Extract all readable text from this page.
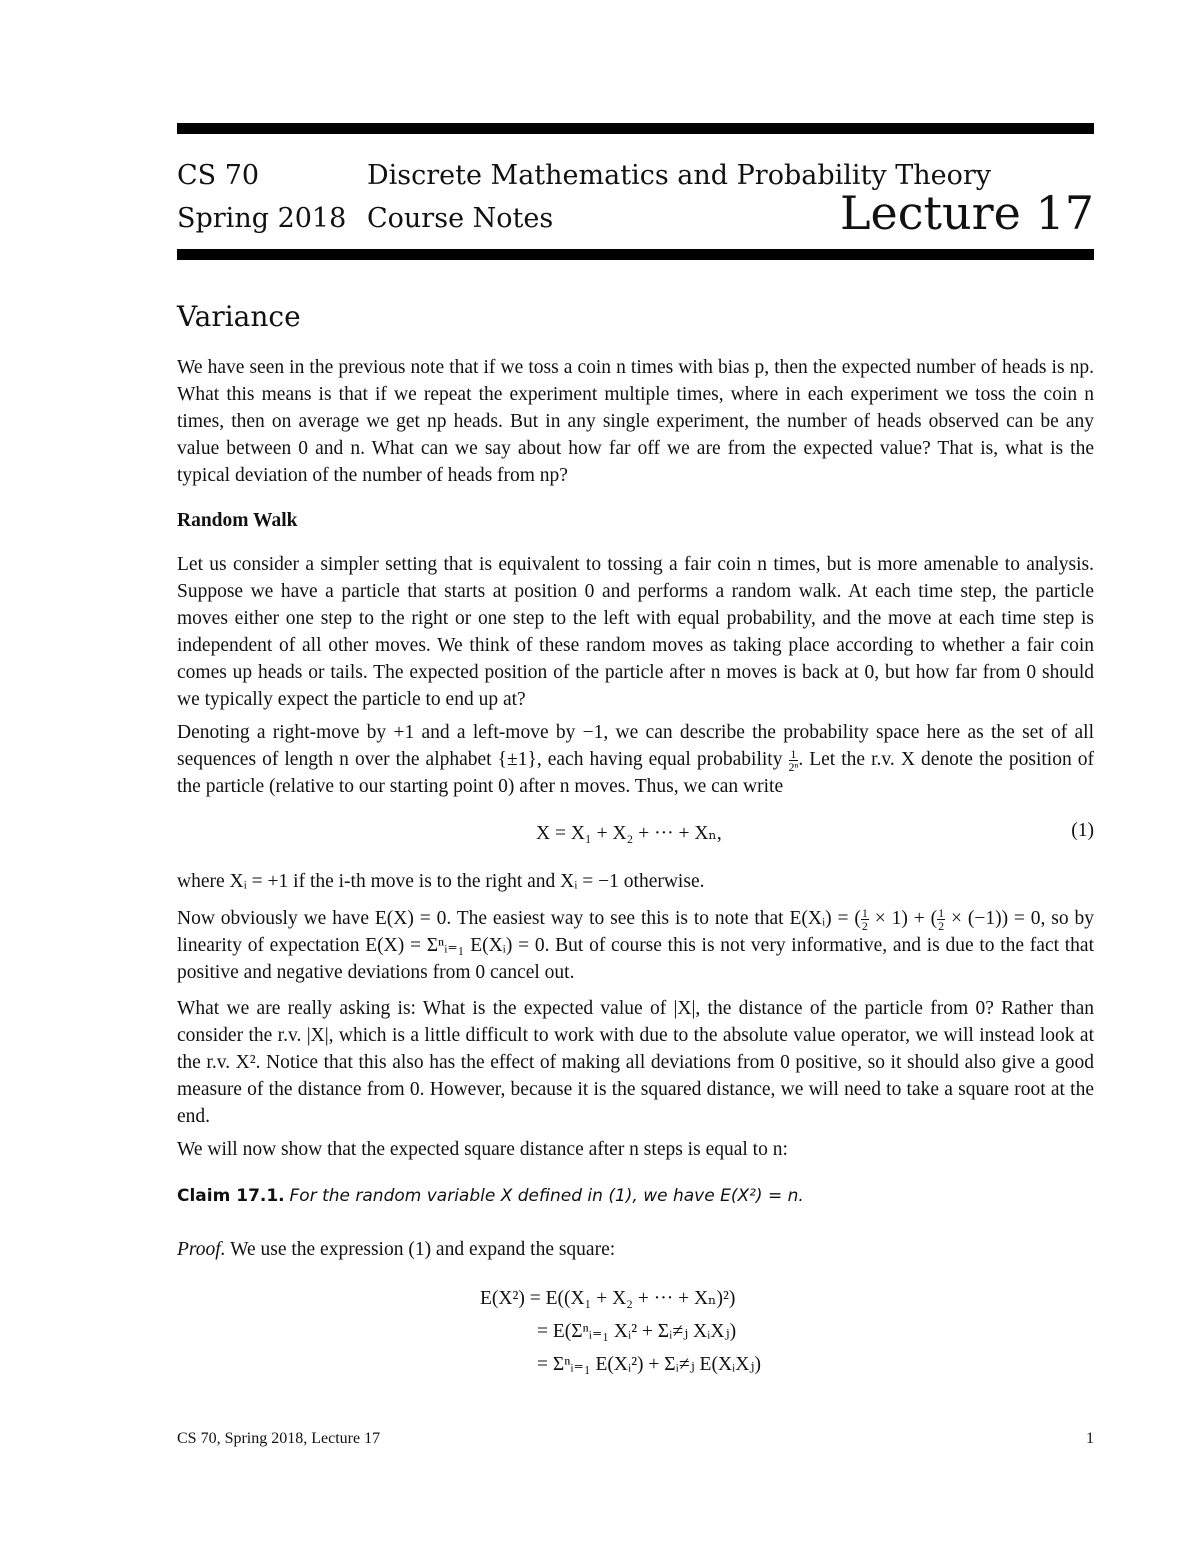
CS 70	Discrete Mathematics and Probability Theory
Spring 2018 Course Notes	Lecture 17
Variance
We have seen in the previous note that if we toss a coin n times with bias p, then the expected number of heads is np. What this means is that if we repeat the experiment multiple times, where in each experiment we toss the coin n times, then on average we get np heads. But in any single experiment, the number of heads observed can be any value between 0 and n. What can we say about how far off we are from the expected value? That is, what is the typical deviation of the number of heads from np?
Random Walk
Let us consider a simpler setting that is equivalent to tossing a fair coin n times, but is more amenable to analysis. Suppose we have a particle that starts at position 0 and performs a random walk. At each time step, the particle moves either one step to the right or one step to the left with equal probability, and the move at each time step is independent of all other moves. We think of these random moves as taking place according to whether a fair coin comes up heads or tails. The expected position of the particle after n moves is back at 0, but how far from 0 should we typically expect the particle to end up at?
Denoting a right-move by +1 and a left-move by −1, we can describe the probability space here as the set of all sequences of length n over the alphabet {±1}, each having equal probability $\frac{1}{\text{2ⁿ}}$ . Let the r.v. X denote the position of the particle (relative to our starting point 0) after n moves. Thus, we can write
X = X₁ + X₂ + ··· + Xₙ,	(1)
where Xᵢ = +1 if the i-th move is to the right and Xᵢ = −1 otherwise.
Now obviously we have E(X) = 0. The easiest way to see this is to note that E(Xᵢ) = ( $\frac{1}{2} \times 1$) + ( $\frac{1}{2} \times (-1)) = 0$, so by linearity of expectation E(X) = Σⁿᵢ₌₁ E(Xᵢ) = 0. But of course this is not very informative, and is due to the fact that positive and negative deviations from 0 cancel out.
What we are really asking is: What is the expected value of |X|, the distance of the particle from 0? Rather than consider the r.v. |X|, which is a little difficult to work with due to the absolute value operator, we will instead look at the r.v. X². Notice that this also has the effect of making all deviations from 0 positive, so it should also give a good measure of the distance from 0. However, because it is the squared distance, we will need to take a square root at the end.
We will now show that the expected square distance after n steps is equal to n:
Claim 17.1. For the random variable X defined in (1), we have E(X²) = n.
Proof. We use the expression (1) and expand the square:
E(X²) = E((X₁ + X₂ + ··· + Xₙ)²)
= E(Σⁿᵢ₌₁ Xᵢ² + Σᵢ≠ⱼ XᵢXⱼ)
= Σⁿᵢ₌₁ E(Xᵢ²) + Σᵢ≠ⱼ E(XᵢXⱼ)
CS 70, Spring 2018, Lecture 17	1
